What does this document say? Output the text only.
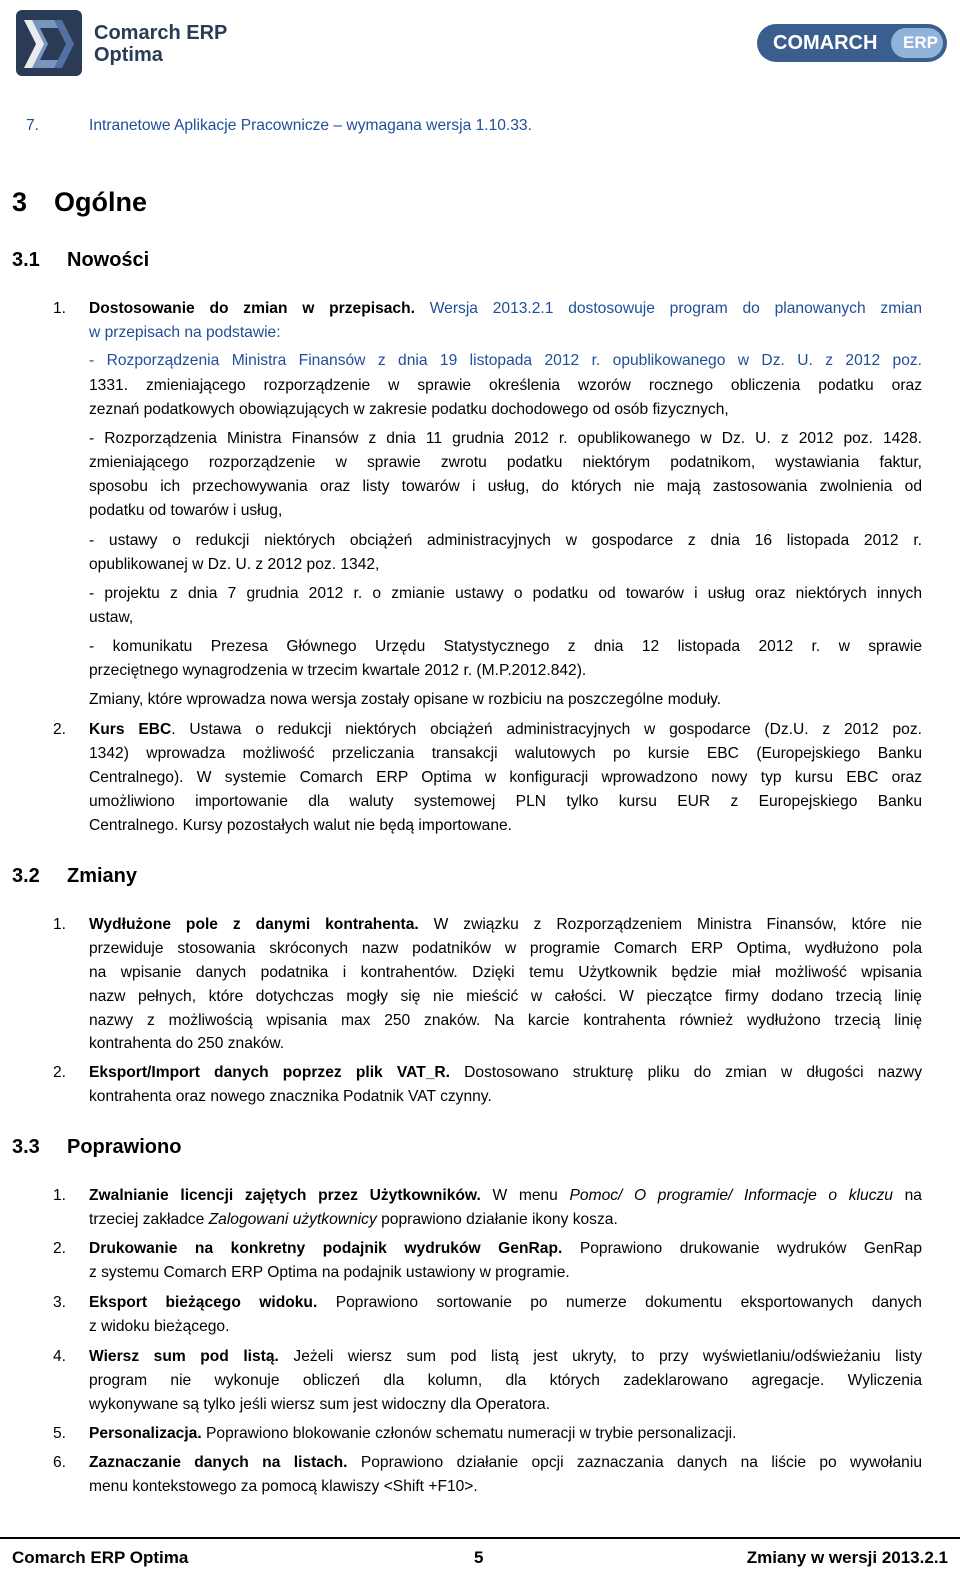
Comarch ERP
Optima
COMARCH ERP
7.	Intranetowe Aplikacje Pracownicze – wymagana wersja 1.10.33.
3 Ogólne
3.1 Nowości
1. Dostosowanie do zmian w przepisach. Wersja 2013.2.1 dostosowuje program do planowanych zmian
w przepisach na podstawie:
- Rozporządzenia Ministra Finansów z dnia 19 listopada 2012 r. opublikowanego w Dz. U. z 2012 poz.
1331. zmieniającego rozporządzenie w sprawie określenia wzorów rocznego obliczenia podatku oraz
zeznań podatkowych obowiązujących w zakresie podatku dochodowego od osób fizycznych,
- Rozporządzenia Ministra Finansów z dnia 11 grudnia 2012 r. opublikowanego w Dz. U. z 2012 poz. 1428.
zmieniającego rozporządzenie w sprawie zwrotu podatku niektórym podatnikom, wystawiania faktur,
sposobu ich przechowywania oraz listy towarów i usług, do których nie mają zastosowania zwolnienia od
podatku od towarów i usług,
- ustawy o redukcji niektórych obciążeń administracyjnych w gospodarce z dnia 16 listopada 2012 r.
opublikowanej w Dz. U. z 2012 poz. 1342,
- projektu z dnia 7 grudnia 2012 r. o zmianie ustawy o podatku od towarów i usług oraz niektórych innych
ustaw,
- komunikatu Prezesa Głównego Urzędu Statystycznego z dnia 12 listopada 2012 r. w sprawie
przeciętnego wynagrodzenia w trzecim kwartale 2012 r. (M.P.2012.842).
Zmiany, które wprowadza nowa wersja zostały opisane w rozbiciu na poszczególne moduły.
2. Kurs EBC. Ustawa o redukcji niektórych obciążeń administracyjnych w gospodarce (Dz.U. z 2012 poz.
1342) wprowadza możliwość przeliczania transakcji walutowych po kursie EBC (Europejskiego Banku
Centralnego). W systemie Comarch ERP Optima w konfiguracji wprowadzono nowy typ kursu EBC oraz
umożliwiono importowanie dla waluty systemowej PLN tylko kursu EUR z Europejskiego Banku
Centralnego. Kursy pozostałych walut nie będą importowane.
3.2 Zmiany
1. Wydłużone pole z danymi kontrahenta. W związku z Rozporządzeniem Ministra Finansów, które nie
przewiduje stosowania skróconych nazw podatników w programie Comarch ERP Optima, wydłużono pola
na wpisanie danych podatnika i kontrahentów. Dzięki temu Użytkownik będzie miał możliwość wpisania
nazw pełnych, które dotychczas mogły się nie mieścić w całości. W pieczątce firmy dodano trzecią linię
nazwy z możliwością wpisania max 250 znaków. Na karcie kontrahenta również wydłużono trzecią linię
kontrahenta do 250 znaków.
2. Eksport/Import danych poprzez plik VAT_R. Dostosowano strukturę pliku do zmian w długości nazwy
kontrahenta oraz nowego znacznika Podatnik VAT czynny.
3.3 Poprawiono
1. Zwalnianie licencji zajętych przez Użytkowników. W menu Pomoc/ O programie/ Informacje o kluczu na
trzeciej zakładce Zalogowani użytkownicy poprawiono działanie ikony kosza.
2. Drukowanie na konkretny podajnik wydruków GenRap. Poprawiono drukowanie wydruków GenRap
z systemu Comarch ERP Optima na podajnik ustawiony w programie.
3. Eksport bieżącego widoku. Poprawiono sortowanie po numerze dokumentu eksportowanych danych
z widoku bieżącego.
4. Wiersz sum pod listą. Jeżeli wiersz sum pod listą jest ukryty, to przy wyświetlaniu/odświeżaniu listy
program nie wykonuje obliczeń dla kolumn, dla których zadeklarowano agregacje. Wyliczenia
wykonywane są tylko jeśli wiersz sum jest widoczny dla Operatora.
5. Personalizacja. Poprawiono blokowanie członów schematu numeracji w trybie personalizacji.
6. Zaznaczanie danych na listach. Poprawiono działanie opcji zaznaczania danych na liście po wywołaniu
menu kontekstowego za pomocą klawiszy <Shift +F10>.
Comarch ERP Optima	5	Zmiany w wersji 2013.2.1
